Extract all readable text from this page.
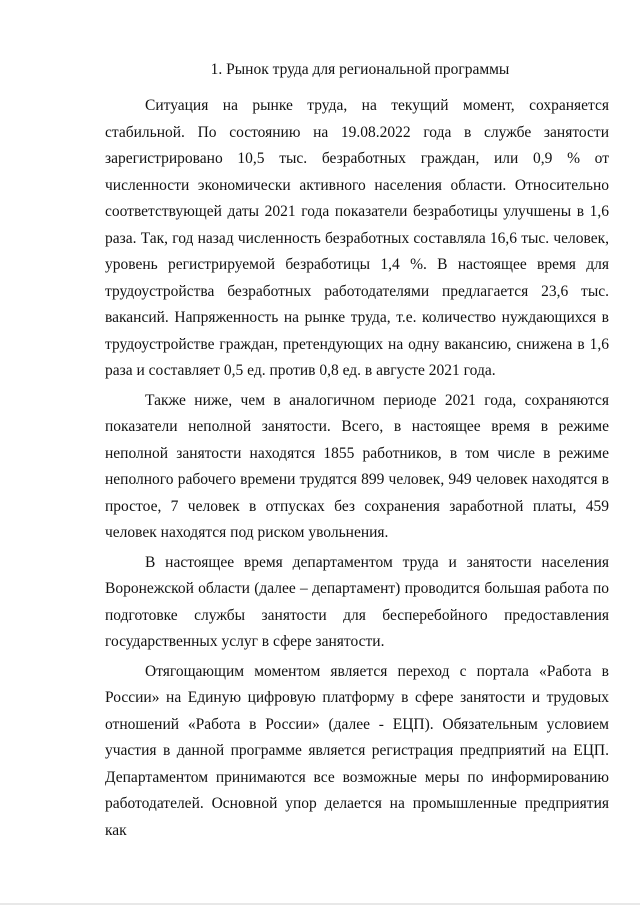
1. Рынок труда для региональной программы

Ситуация на рынке труда, на текущий момент, сохраняется стабильной. По состоянию на 19.08.2022 года в службе занятости зарегистрировано 10,5 тыс. безработных граждан, или 0,9 % от численности экономически активного населения области. Относительно соответствующей даты 2021 года показатели безработицы улучшены в 1,6 раза. Так, год назад численность безработных составляла 16,6 тыс. человек, уровень регистрируемой безработицы 1,4 %. В настоящее время для трудоустройства безработных работодателями предлагается 23,6 тыс. вакансий. Напряженность на рынке труда, т.е. количество нуждающихся в трудоустройстве граждан, претендующих на одну вакансию, снижена в 1,6 раза и составляет 0,5 ед. против 0,8 ед. в августе 2021 года.

Также ниже, чем в аналогичном периоде 2021 года, сохраняются показатели неполной занятости. Всего, в настоящее время в режиме неполной занятости находятся 1855 работников, в том числе в режиме неполного рабочего времени трудятся 899 человек, 949 человек находятся в простое, 7 человек в отпусках без сохранения заработной платы, 459 человек находятся под риском увольнения.

В настоящее время департаментом труда и занятости населения Воронежской области (далее – департамент) проводится большая работа по подготовке службы занятости для бесперебойного предоставления государственных услуг в сфере занятости.

Отягощающим моментом является переход с портала «Работа в России» на Единую цифровую платформу в сфере занятости и трудовых отношений «Работа в России» (далее - ЕЦП). Обязательным условием участия в данной программе является регистрация предприятий на ЕЦП. Департаментом принимаются все возможные меры по информированию работодателей. Основной упор делается на промышленные предприятия как
